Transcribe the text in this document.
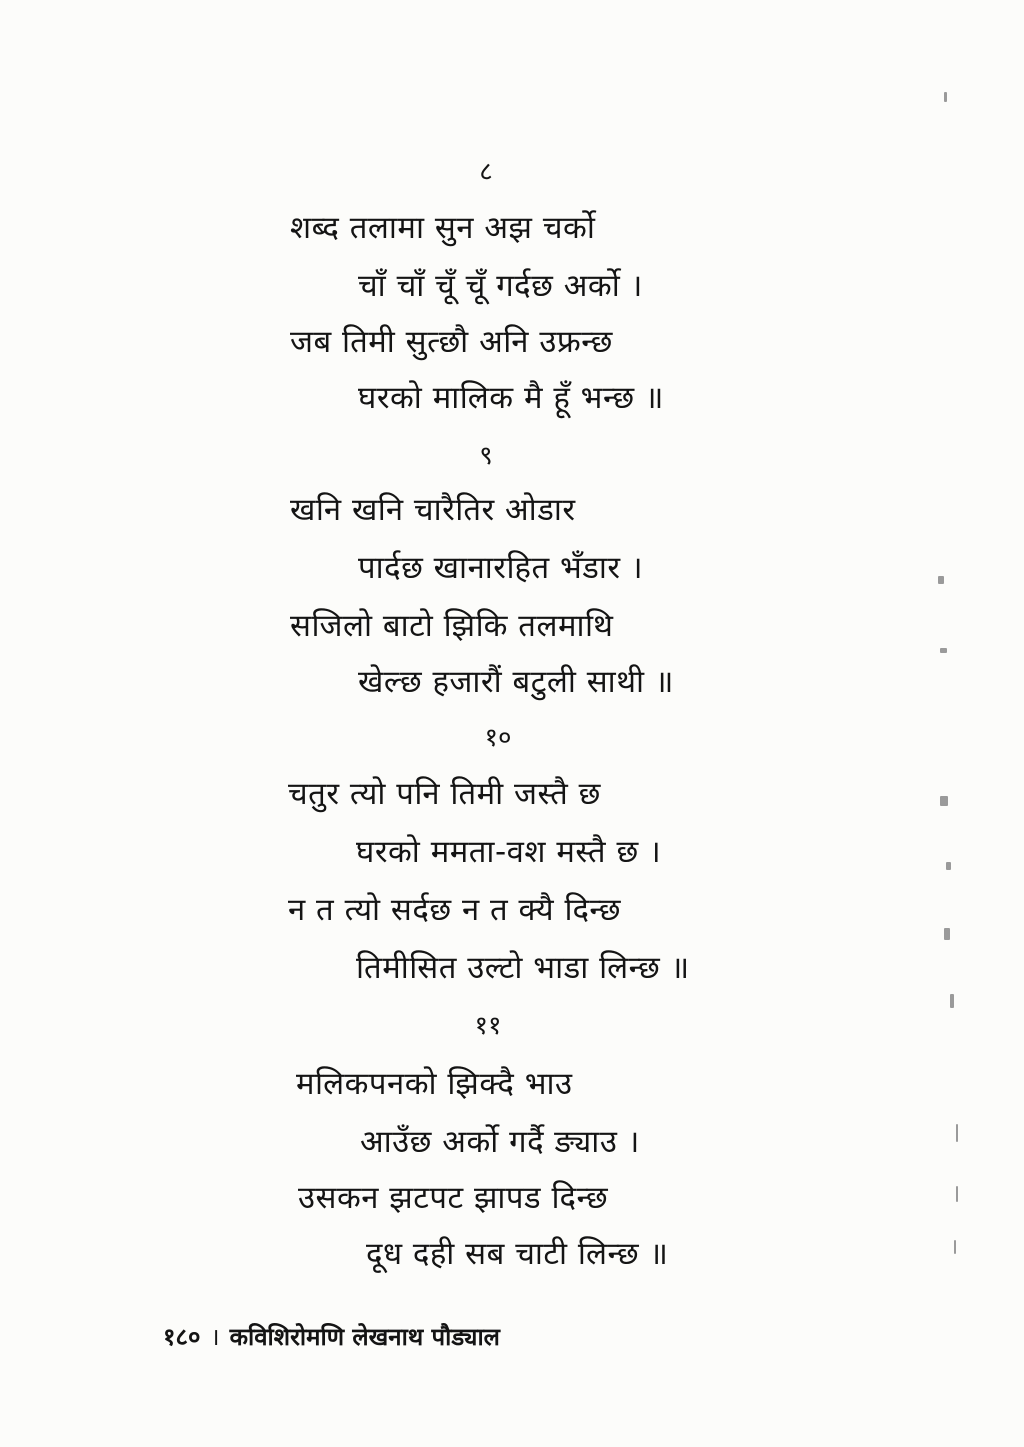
८
शब्द तलामा सुन अझ चर्को
चाँ चाँ चूँ चूँ गर्दछ अर्को ।
जब तिमी सुत्छौ अनि उफ्रन्छ
घरको मालिक मै हूँ भन्छ ॥
९
खनि खनि चारैतिर ओडार
पार्दछ खानारहित भँडार ।
सजिलो बाटो झिकि तलमाथि
खेल्छ हजारौं बटुली साथी ॥
१०
चतुर त्यो पनि तिमी जस्तै छ
घरको ममता-वश मस्तै छ ।
न त त्यो सर्दछ न त क्यै दिन्छ
तिमीसित उल्टो भाडा लिन्छ ॥
११
मलिकपनको झिक्दै भाउ
आउँछ अर्को गर्दै ङ्याउ ।
उसकन झटपट झापड दिन्छ
दूध दही सब चाटी लिन्छ ॥
१८० । कविशिरोमणि लेखनाथ पौड्याल
